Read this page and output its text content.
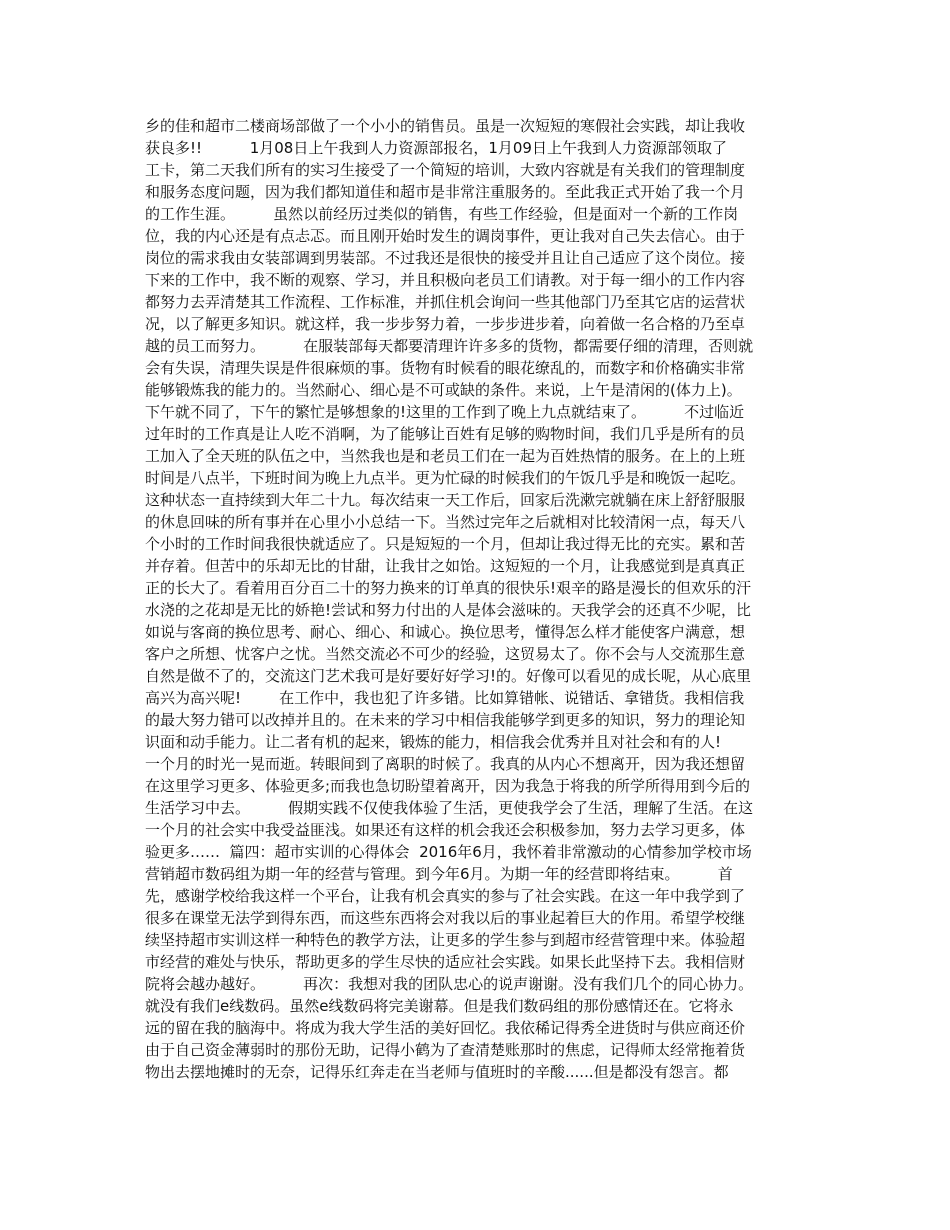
乡的佳和超市二楼商场部做了一个小小的销售员。虽是一次短短的寒假社会实践，却让我收
获良多!!          1月08日上午我到人力资源部报名，1月09日上午我到人力资源部领取了
工卡，第二天我们所有的实习生接受了一个简短的培训，大致内容就是有关我们的管理制度
和服务态度问题，因为我们都知道佳和超市是非常注重服务的。至此我正式开始了我一个月
的工作生涯。        虽然以前经历过类似的销售，有些工作经验，但是面对一个新的工作岗
位，我的内心还是有点忐忑。而且刚开始时发生的调岗事件，更让我对自己失去信心。由于
岗位的需求我由女装部调到男装部。不过我还是很快的接受并且让自己适应了这个岗位。接
下来的工作中，我不断的观察、学习，并且积极向老员工们请教。对于每一细小的工作内容
都努力去弄清楚其工作流程、工作标准，并抓住机会询问一些其他部门乃至其它店的运营状
况，以了解更多知识。就这样，我一步步努力着，一步步进步着，向着做一名合格的乃至卓
越的员工而努力。        在服装部每天都要清理许许多多的货物，都需要仔细的清理，否则就
会有失误，清理失误是件很麻烦的事。货物有时候看的眼花缭乱的，而数字和价格确实非常
能够锻炼我的能力的。当然耐心、细心是不可或缺的条件。来说，上午是清闲的(体力上)。
下午就不同了，下午的繁忙是够想象的!这里的工作到了晚上九点就结束了。        不过临近
过年时的工作真是让人吃不消啊，为了能够让百姓有足够的购物时间，我们几乎是所有的员
工加入了全天班的队伍之中，当然我也是和老员工们在一起为百姓热情的服务。在上的上班
时间是八点半，下班时间为晚上九点半。更为忙碌的时候我们的午饭几乎是和晚饭一起吃。
这种状态一直持续到大年二十九。每次结束一天工作后，回家后洗漱完就躺在床上舒舒服服
的休息回味的所有事并在心里小小总结一下。当然过完年之后就相对比较清闲一点，每天八
个小时的工作时间我很快就适应了。只是短短的一个月，但却让我过得无比的充实。累和苦
并存着。但苦中的乐却无比的甘甜，让我甘之如饴。这短短的一个月，让我感觉到是真真正
正的长大了。看着用百分百二十的努力换来的订单真的很快乐!艰辛的路是漫长的但欢乐的汗
水浇的之花却是无比的娇艳!尝试和努力付出的人是体会滋味的。天我学会的还真不少呢，比
如说与客商的换位思考、耐心、细心、和诚心。换位思考，懂得怎么样才能使客户满意，想
客户之所想、忧客户之忧。当然交流必不可少的经验，这贸易太了。你不会与人交流那生意
自然是做不了的，交流这门艺术我可是好要好好学习!的。好像可以看见的成长呢，从心底里
高兴为高兴呢!        在工作中，我也犯了许多错。比如算错帐、说错话、拿错货。我相信我
的最大努力错可以改掉并且的。在未来的学习中相信我能够学到更多的知识，努力的理论知
识面和动手能力。让二者有机的起来，锻炼的能力，相信我会优秀并且对社会和有的人!
一个月的时光一晃而逝。转眼间到了离职的时候了。我真的从内心不想离开，因为我还想留
在这里学习更多、体验更多;而我也急切盼望着离开，因为我急于将我的所学所得用到今后的
生活学习中去。        假期实践不仅使我体验了生活，更使我学会了生活，理解了生活。在这
一个月的社会实中我受益匪浅。如果还有这样的机会我还会积极参加，努力去学习更多，体
验更多……  篇四：超市实训的心得体会  2016年6月，我怀着非常激动的心情参加学校市场
营销超市数码组为期一年的经营与管理。到今年6月。为期一年的经营即将结束。        首
先，感谢学校给我这样一个平台，让我有机会真实的参与了社会实践。在这一年中我学到了
很多在课堂无法学到得东西，而这些东西将会对我以后的事业起着巨大的作用。希望学校继
续坚持超市实训这样一种特色的教学方法，让更多的学生参与到超市经营管理中来。体验超
市经营的难处与快乐，帮助更多的学生尽快的适应社会实践。如果长此坚持下去。我相信财
院将会越办越好。        再次：我想对我的团队忠心的说声谢谢。没有我们几个的同心协力。
就没有我们e线数码。虽然e线数码将完美谢幕。但是我们数码组的那份感情还在。它将永
远的留在我的脑海中。将成为我大学生活的美好回忆。我依稀记得秀全进货时与供应商还价
由于自己资金薄弱时的那份无助，记得小鹤为了查清楚账那时的焦虑，记得师太经常拖着货
物出去摆地摊时的无奈，记得乐红奔走在当老师与值班时的辛酸......但是都没有怨言。都
